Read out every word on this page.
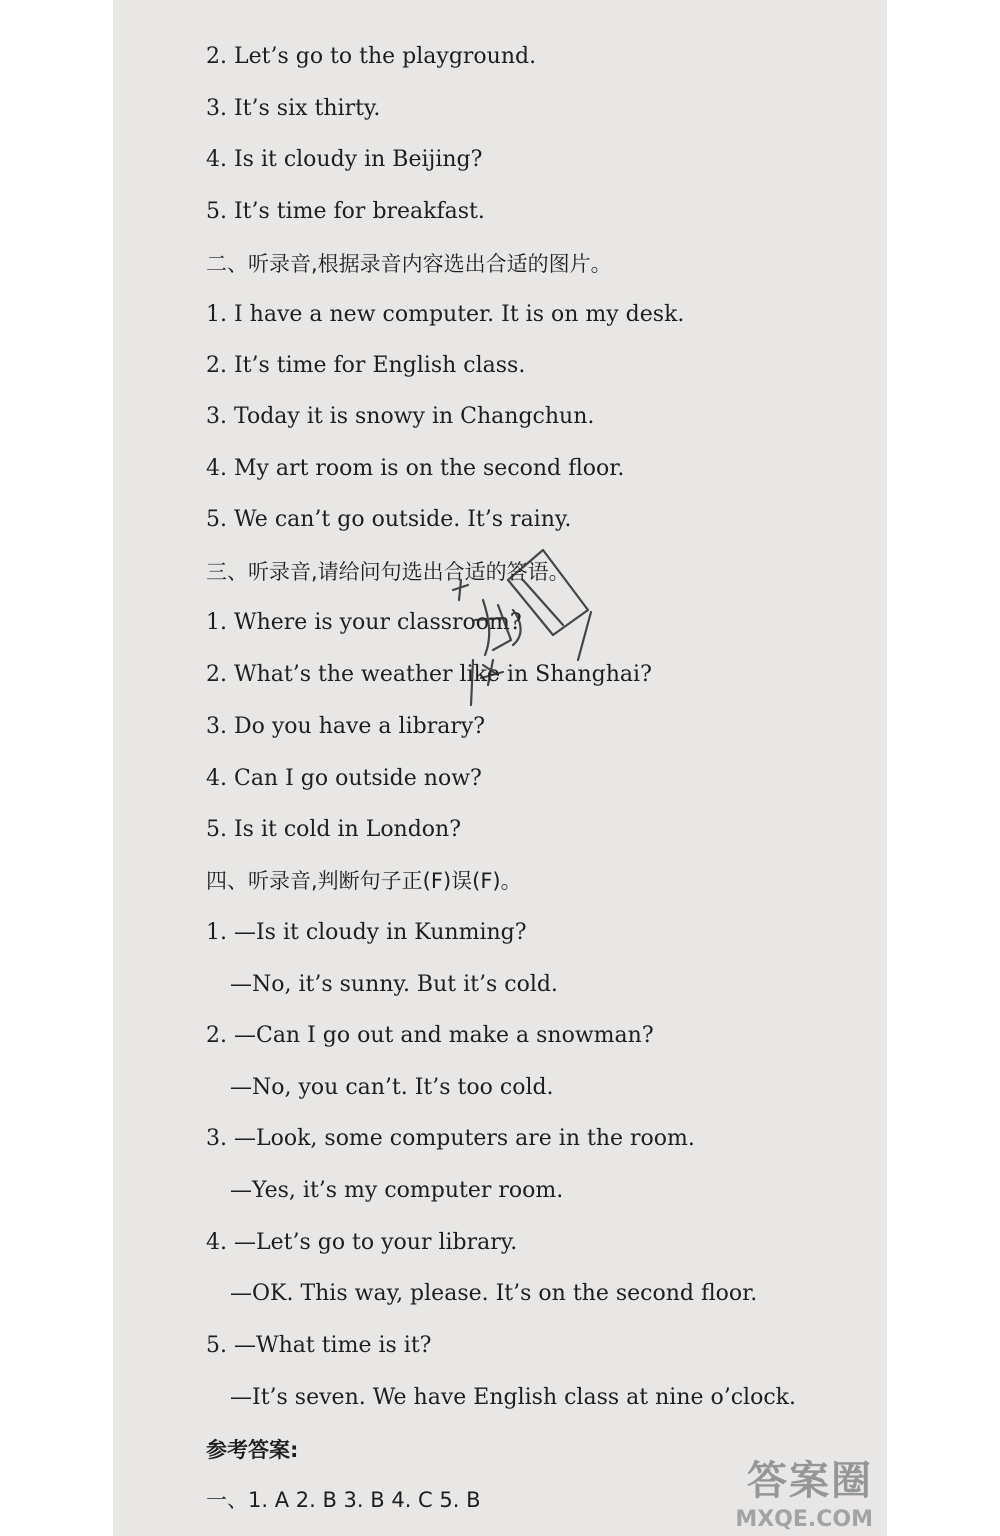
2. Let’s go to the playground.
3. It’s six thirty.
4. Is it cloudy in Beijing?
5. It’s time for breakfast.
二、听录音,根据录音内容选出合适的图片。
1. I have a new computer. It is on my desk.
2. It’s time for English class.
3. Today it is snowy in Changchun.
4. My art room is on the second floor.
5. We can’t go outside. It’s rainy.
三、听录音,请给问句选出合适的答语。
1. Where is your classroom?
2. What’s the weather like in Shanghai?
3. Do you have a library?
4. Can I go outside now?
5. Is it cold in London?
四、听录音,判断句子正(F)误(F)。
1. —Is it cloudy in Kunming?
—No, it’s sunny. But it’s cold.
2. —Can I go out and make a snowman?
—No, you can’t. It’s too cold.
3. —Look, some computers are in the room.
—Yes, it’s my computer room.
4. —Let’s go to your library.
—OK. This way, please. It’s on the second floor.
5. —What time is it?
—It’s seven. We have English class at nine o’clock.
参考答案:
一、1. A 2. B 3. B 4. C 5. B	答案圈
MXQE.COM
